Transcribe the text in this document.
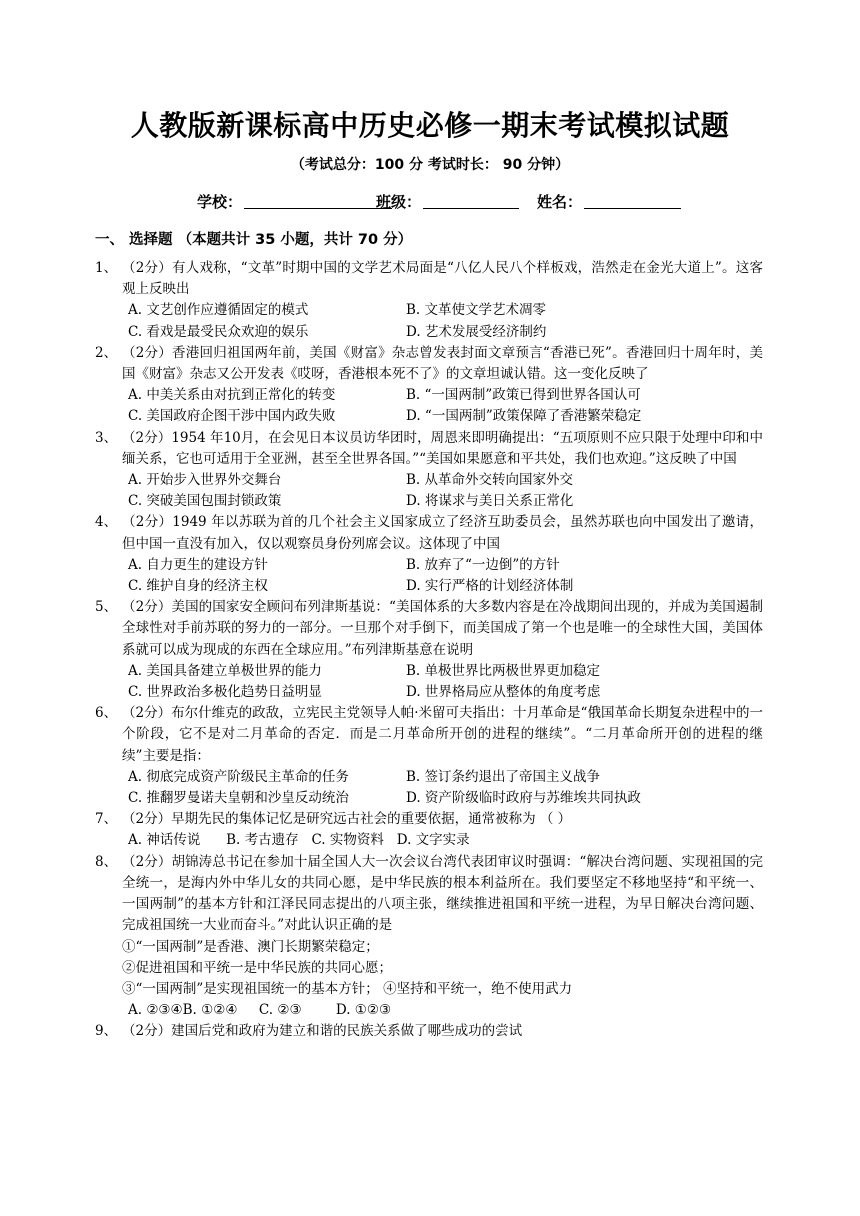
人教版新课标高中历史必修一期末考试模拟试题
（考试总分：100 分 考试时长： 90 分钟）
学校：	班级：	姓名：
一、 选择题 （本题共计 35 小题，共计 70 分）
1、 （2分）有人戏称，“文革”时期中国的文学艺术局面是“八亿人民八个样板戏，浩然走在金光大道上”。这客观上反映出
A. 文艺创作应遵循固定的模式	B. 文革使文学艺术凋零
C. 看戏是最受民众欢迎的娱乐	D. 艺术发展受经济制约
2、 （2分）香港回归祖国两年前，美国《财富》杂志曾发表封面文章预言“香港已死”。香港回归十周年时，美国《财富》杂志又公开发表《哎呀，香港根本死不了》的文章坦诚认错。这一变化反映了
A. 中美关系由对抗到正常化的转变	B. “一国两制”政策已得到世界各国认可
C. 美国政府企图干涉中国内政失败	D. “一国两制”政策保障了香港繁荣稳定
3、 （2分）1954 年10月，在会见日本议员访华团时，周恩来即明确提出：“五项原则不应只限于处理中印和中缅关系，它也可适用于全亚洲，甚至全世界各国。”“美国如果愿意和平共处，我们也欢迎。”这反映了中国
A. 开始步入世界外交舞台	B. 从革命外交转向国家外交
C. 突破美国包围封锁政策	D. 将谋求与美日关系正常化
4、 （2分）1949 年以苏联为首的几个社会主义国家成立了经济互助委员会，虽然苏联也向中国发出了邀请，但中国一直没有加入，仅以观察员身份列席会议。这体现了中国
A. 自力更生的建设方针	B. 放弃了“一边倒”的方针
C. 维护自身的经济主权	D. 实行严格的计划经济体制
5、 （2分）美国的国家安全顾问布列津斯基说：“美国体系的大多数内容是在冷战期间出现的，并成为美国遏制全球性对手前苏联的努力的一部分。一旦那个对手倒下，而美国成了第一个也是唯一的全球性大国，美国体系就可以成为现成的东西在全球应用。”布列津斯基意在说明
A. 美国具备建立单极世界的能力	B. 单极世界比两极世界更加稳定
C. 世界政治多极化趋势日益明显	D. 世界格局应从整体的角度考虑
6、 （2分）布尔什维克的政敌，立宪民主党领导人帕·米留可夫指出：十月革命是“俄国革命长期复杂进程中的一个阶段，它不是对二月革命的否定．而是二月革命所开创的进程的继续”。“二月革命所开创的进程的继续”主要是指：
A. 彻底完成资产阶级民主革命的任务	B. 签订条约退出了帝国主义战争
C. 推翻罗曼诺夫皇朝和沙皇反动统治	D. 资产阶级临时政府与苏维埃共同执政
7、 （2分）早期先民的集体记忆是研究远古社会的重要依据，通常被称为 （ ）
A. 神话传说      B. 考古遗存   C. 实物资料   D. 文字实录
8、 （2分）胡锦涛总书记在参加十届全国人大一次会议台湾代表团审议时强调：“解决台湾问题、实现祖国的完全统一，是海内外中华儿女的共同心愿，是中华民族的根本利益所在。我们要坚定不移地坚持“和平统一、一国两制”的基本方针和江泽民同志提出的八项主张，继续推进祖国和平统一进程，为早日解决台湾问题、完成祖国统一大业而奋斗。”对此认识正确的是
①“一国两制”是香港、澳门长期繁荣稳定；
②促进祖国和平统一是中华民族的共同心愿；
③“一国两制”是实现祖国统一的基本方针； ④坚持和平统一，绝不使用武力
A. ②③④B. ①②④     C. ②③        D. ①②③
9、 （2分）建国后党和政府为建立和谐的民族关系做了哪些成功的尝试
